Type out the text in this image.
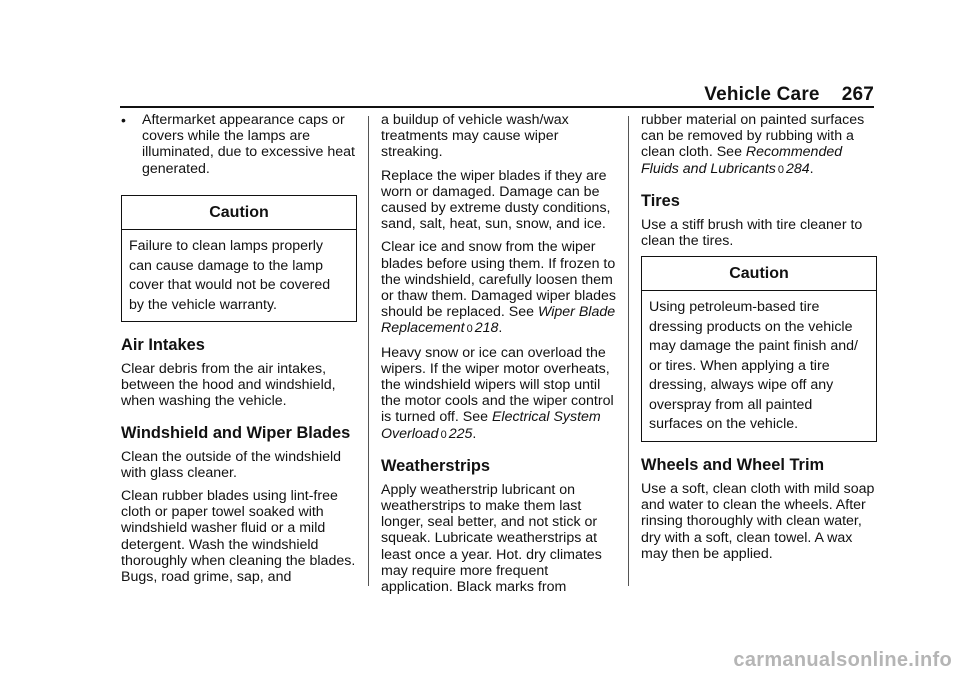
Vehicle Care 267
•	Aftermarket appearance caps or covers while the lamps are illuminated, due to excessive heat generated.
Caution
Failure to clean lamps properly can cause damage to the lamp cover that would not be covered by the vehicle warranty.
Air Intakes

Clear debris from the air intakes, between the hood and windshield, when washing the vehicle.

Windshield and Wiper Blades

Clean the outside of the windshield with glass cleaner.

Clean rubber blades using lint-free cloth or paper towel soaked with windshield washer fluid or a mild detergent. Wash the windshield thoroughly when cleaning the blades. Bugs, road grime, sap, and

a buildup of vehicle wash/wax treatments may cause wiper streaking.

Replace the wiper blades if they are worn or damaged. Damage can be caused by extreme dusty conditions, sand, salt, heat, sun, snow, and ice.

Clear ice and snow from the wiper blades before using them. If frozen to the windshield, carefully loosen them or thaw them. Damaged wiper blades should be replaced. See Wiper Blade Replacement 0 218.

Heavy snow or ice can overload the wipers. If the wiper motor overheats, the windshield wipers will stop until the motor cools and the wiper control is turned off. See Electrical System Overload 0 225.

Weatherstrips

Apply weatherstrip lubricant on weatherstrips to make them last longer, seal better, and not stick or squeak. Lubricate weatherstrips at least once a year. Hot. dry climates may require more frequent application. Black marks from

rubber material on painted surfaces can be removed by rubbing with a clean cloth. See Recommended Fluids and Lubricants 0 284.

Tires

Use a stiff brush with tire cleaner to clean the tires.

Caution
Using petroleum-based tire dressing products on the vehicle may damage the paint finish and/ or tires. When applying a tire dressing, always wipe off any overspray from all painted surfaces on the vehicle.
Wheels and Wheel Trim

Use a soft, clean cloth with mild soap and water to clean the wheels. After rinsing thoroughly with clean water, dry with a soft, clean towel. A wax may then be applied.

carmanualsonline.info
